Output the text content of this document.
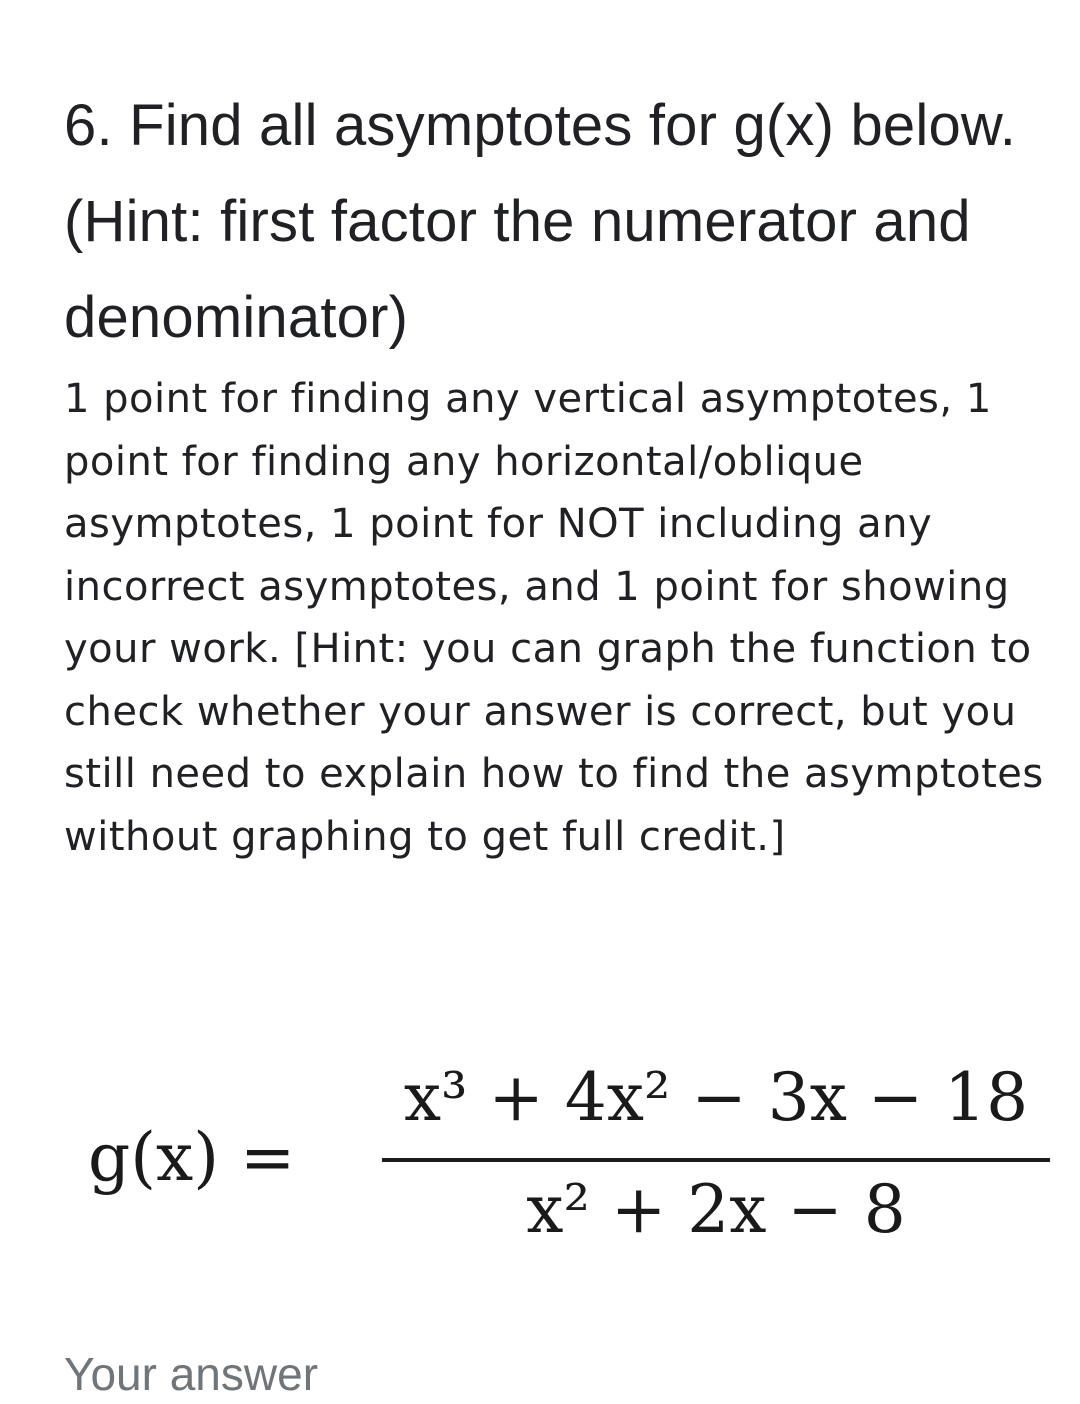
6. Find all asymptotes for g(x) below. (Hint: first factor the numerator and denominator)

1 point for finding any vertical asymptotes, 1 point for finding any horizontal/oblique asymptotes, 1 point for NOT including any incorrect asymptotes, and 1 point for showing your work. [Hint: you can graph the function to check whether your answer is correct, but you still need to explain how to find the asymptotes without graphing to get full credit.]

g(x) =
x³ + 4x² − 3x − 18
x² + 2x − 8
Your answer
